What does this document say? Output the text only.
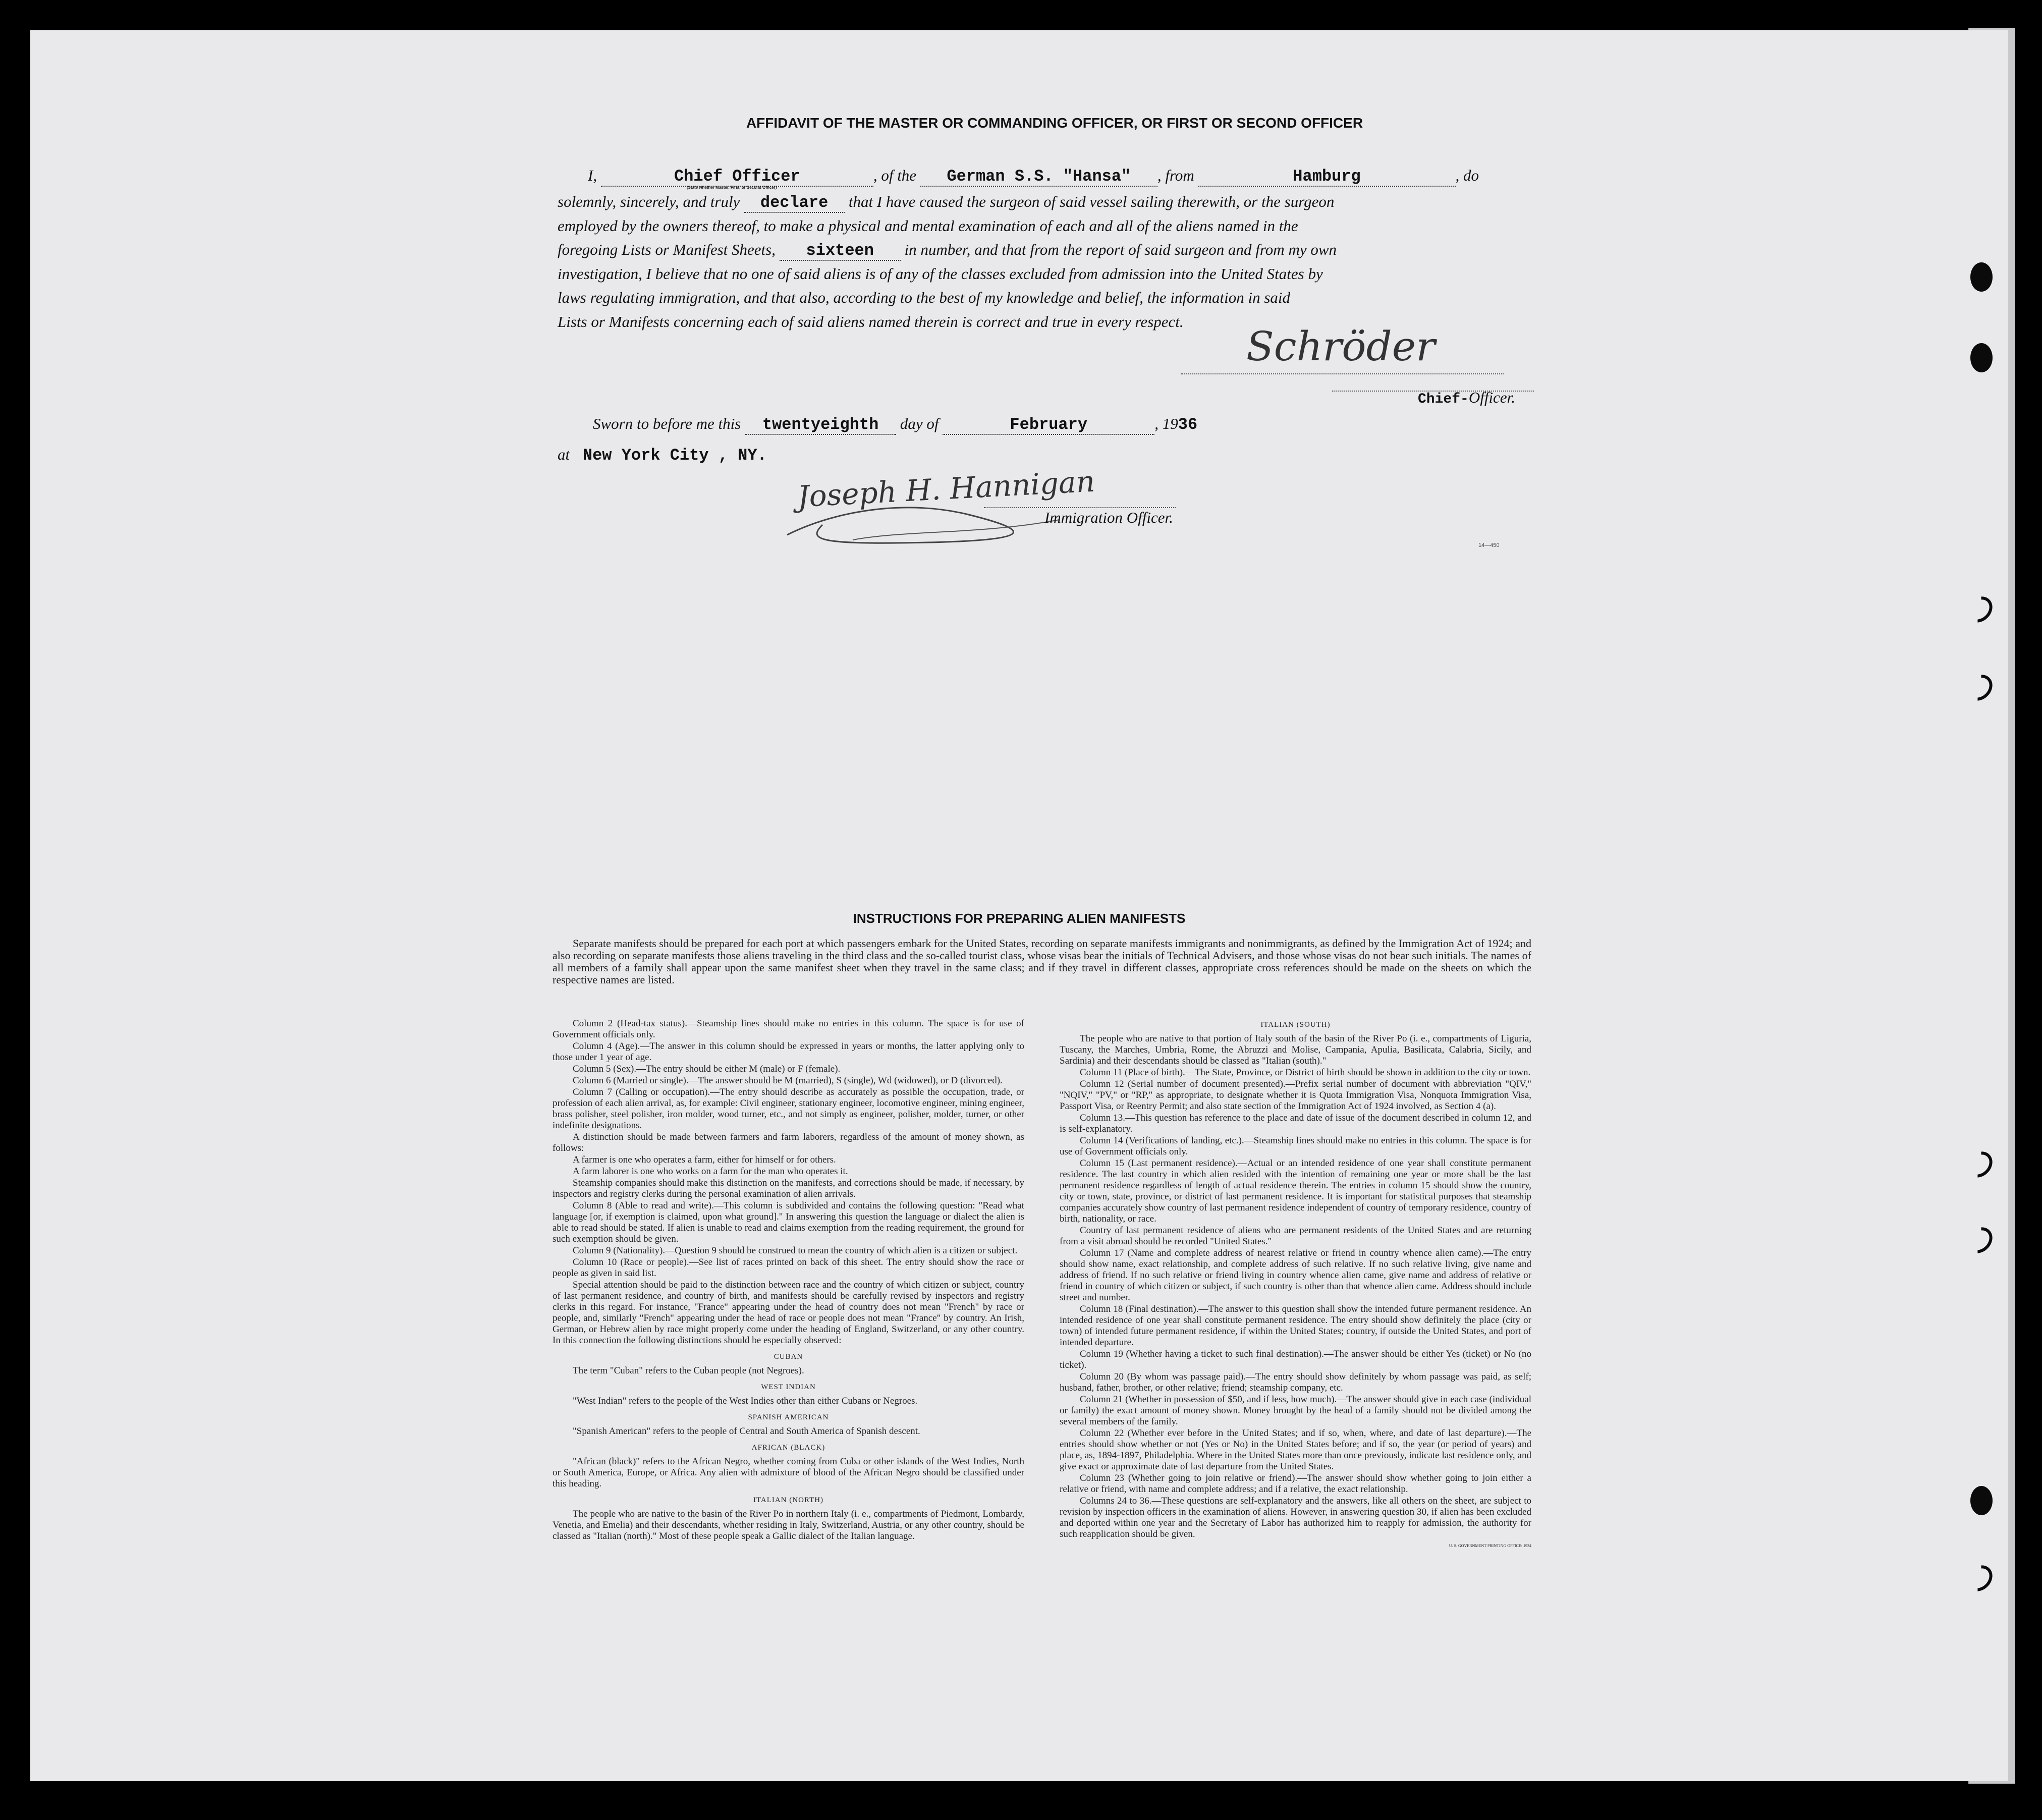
AFFIDAVIT OF THE MASTER OR COMMANDING OFFICER, OR FIRST OR SECOND OFFICER
I,	Chief Officer
(State whether Master, First, or Second Officer)
, of the German S.S. "Hansa" , from	Hamburg	, do
solemnly, sincerely, and truly declare that I have caused the surgeon of said vessel sailing therewith, or the surgeon
employed by the owners thereof, to make a physical and mental examination of each and all of the aliens named in the
foregoing Lists or Manifest Sheets, sixteen in number, and that from the report of said surgeon and from my own
investigation, I believe that no one of said aliens is of any of the classes excluded from admission into the United States by
laws regulating immigration, and that also, according to the best of my knowledge and belief, the information in said
Lists or Manifests concerning each of said aliens named therein is correct and true in every respect.
Schröder
Chief-Officer.
Sworn to before me this twentyeighth day of	February	, 1936
at New York City , NY.
Joseph H. Hannigan
Immigration Officer.
14—450
INSTRUCTIONS FOR PREPARING ALIEN MANIFESTS

Separate manifests should be prepared for each port at which passengers embark for the United States, recording on separate manifests immigrants and nonimmigrants, as defined by the Immigration Act of 1924; and also recording on separate manifests those aliens traveling in the third class and the so-called tourist class, whose visas bear the initials of Technical Advisers, and those whose visas do not bear such initials. The names of all members of a family shall appear upon the same manifest sheet when they travel in the same class; and if they travel in different classes, appropriate cross references should be made on the sheets on which the respective names are listed.

Column 2 (Head-tax status).—Steamship lines should make no entries in this column. The space is for use of Government officials only.

Column 4 (Age).—The answer in this column should be expressed in years or months, the latter applying only to those under 1 year of age.

Column 5 (Sex).—The entry should be either M (male) or F (female).

Column 6 (Married or single).—The answer should be M (married), S (single), Wd (widowed), or D (divorced).

Column 7 (Calling or occupation).—The entry should describe as accurately as possible the occupation, trade, or profession of each alien arrival, as, for example: Civil engineer, stationary engineer, locomotive engineer, mining engineer, brass polisher, steel polisher, iron molder, wood turner, etc., and not simply as engineer, polisher, molder, turner, or other indefinite designations.

A distinction should be made between farmers and farm laborers, regardless of the amount of money shown, as follows:

A farmer is one who operates a farm, either for himself or for others.

A farm laborer is one who works on a farm for the man who operates it.

Steamship companies should make this distinction on the manifests, and corrections should be made, if necessary, by inspectors and registry clerks during the personal examination of alien arrivals.

Column 8 (Able to read and write).—This column is subdivided and contains the following question: "Read what language [or, if exemption is claimed, upon what ground]." In answering this question the language or dialect the alien is able to read should be stated. If alien is unable to read and claims exemption from the reading requirement, the ground for such exemption should be given.

Column 9 (Nationality).—Question 9 should be construed to mean the country of which alien is a citizen or subject.

Column 10 (Race or people).—See list of races printed on back of this sheet. The entry should show the race or people as given in said list.

Special attention should be paid to the distinction between race and the country of which citizen or subject, country of last permanent residence, and country of birth, and manifests should be carefully revised by inspectors and registry clerks in this regard. For instance, "France" appearing under the head of country does not mean "French" by race or people, and, similarly "French" appearing under the head of race or people does not mean "France" by country. An Irish, German, or Hebrew alien by race might properly come under the heading of England, Switzerland, or any other country. In this connection the following distinctions should be especially observed:

CUBAN

The term "Cuban" refers to the Cuban people (not Negroes).

WEST INDIAN

"West Indian" refers to the people of the West Indies other than either Cubans or Negroes.

SPANISH AMERICAN

"Spanish American" refers to the people of Central and South America of Spanish descent.

AFRICAN (BLACK)

"African (black)" refers to the African Negro, whether coming from Cuba or other islands of the West Indies, North or South America, Europe, or Africa. Any alien with admixture of blood of the African Negro should be classified under this heading.

ITALIAN (NORTH)

The people who are native to the basin of the River Po in northern Italy (i. e., compartments of Piedmont, Lombardy, Venetia, and Emelia) and their descendants, whether residing in Italy, Switzerland, Austria, or any other country, should be classed as "Italian (north)." Most of these people speak a Gallic dialect of the Italian language.

ITALIAN (SOUTH)

The people who are native to that portion of Italy south of the basin of the River Po (i. e., compartments of Liguria, Tuscany, the Marches, Umbria, Rome, the Abruzzi and Molise, Campania, Apulia, Basilicata, Calabria, Sicily, and Sardinia) and their descendants should be classed as "Italian (south)."

Column 11 (Place of birth).—The State, Province, or District of birth should be shown in addition to the city or town.

Column 12 (Serial number of document presented).—Prefix serial number of document with abbreviation "QIV," "NQIV," "PV," or "RP," as appropriate, to designate whether it is Quota Immigration Visa, Nonquota Immigration Visa, Passport Visa, or Reentry Permit; and also state section of the Immigration Act of 1924 involved, as Section 4 (a).

Column 13.—This question has reference to the place and date of issue of the document described in column 12, and is self-explanatory.

Column 14 (Verifications of landing, etc.).—Steamship lines should make no entries in this column. The space is for use of Government officials only.

Column 15 (Last permanent residence).—Actual or an intended residence of one year shall constitute permanent residence. The last country in which alien resided with the intention of remaining one year or more shall be the last permanent residence regardless of length of actual residence therein. The entries in column 15 should show the country, city or town, state, province, or district of last permanent residence. It is important for statistical purposes that steamship companies accurately show country of last permanent residence independent of country of temporary residence, country of birth, nationality, or race.

Country of last permanent residence of aliens who are permanent residents of the United States and are returning from a visit abroad should be recorded "United States."

Column 17 (Name and complete address of nearest relative or friend in country whence alien came).—The entry should show name, exact relationship, and complete address of such relative. If no such relative living, give name and address of friend. If no such relative or friend living in country whence alien came, give name and address of relative or friend in country of which citizen or subject, if such country is other than that whence alien came. Address should include street and number.

Column 18 (Final destination).—The answer to this question shall show the intended future permanent residence. An intended residence of one year shall constitute permanent residence. The entry should show definitely the place (city or town) of intended future permanent residence, if within the United States; country, if outside the United States, and port of intended departure.

Column 19 (Whether having a ticket to such final destination).—The answer should be either Yes (ticket) or No (no ticket).

Column 20 (By whom was passage paid).—The entry should show definitely by whom passage was paid, as self; husband, father, brother, or other relative; friend; steamship company, etc.

Column 21 (Whether in possession of $50, and if less, how much).—The answer should give in each case (individual or family) the exact amount of money shown. Money brought by the head of a family should not be divided among the several members of the family.

Column 22 (Whether ever before in the United States; and if so, when, where, and date of last departure).—The entries should show whether or not (Yes or No) in the United States before; and if so, the year (or period of years) and place, as, 1894-1897, Philadelphia. Where in the United States more than once previously, indicate last residence only, and give exact or approximate date of last departure from the United States.

Column 23 (Whether going to join relative or friend).—The answer should show whether going to join either a relative or friend, with name and complete address; and if a relative, the exact relationship.

Columns 24 to 36.—These questions are self-explanatory and the answers, like all others on the sheet, are subject to revision by inspection officers in the examination of aliens. However, in answering question 30, if alien has been excluded and deported within one year and the Secretary of Labor has authorized him to reapply for admission, the authority for such reapplication should be given.

U. S. GOVERNMENT PRINTING OFFICE: 1934
